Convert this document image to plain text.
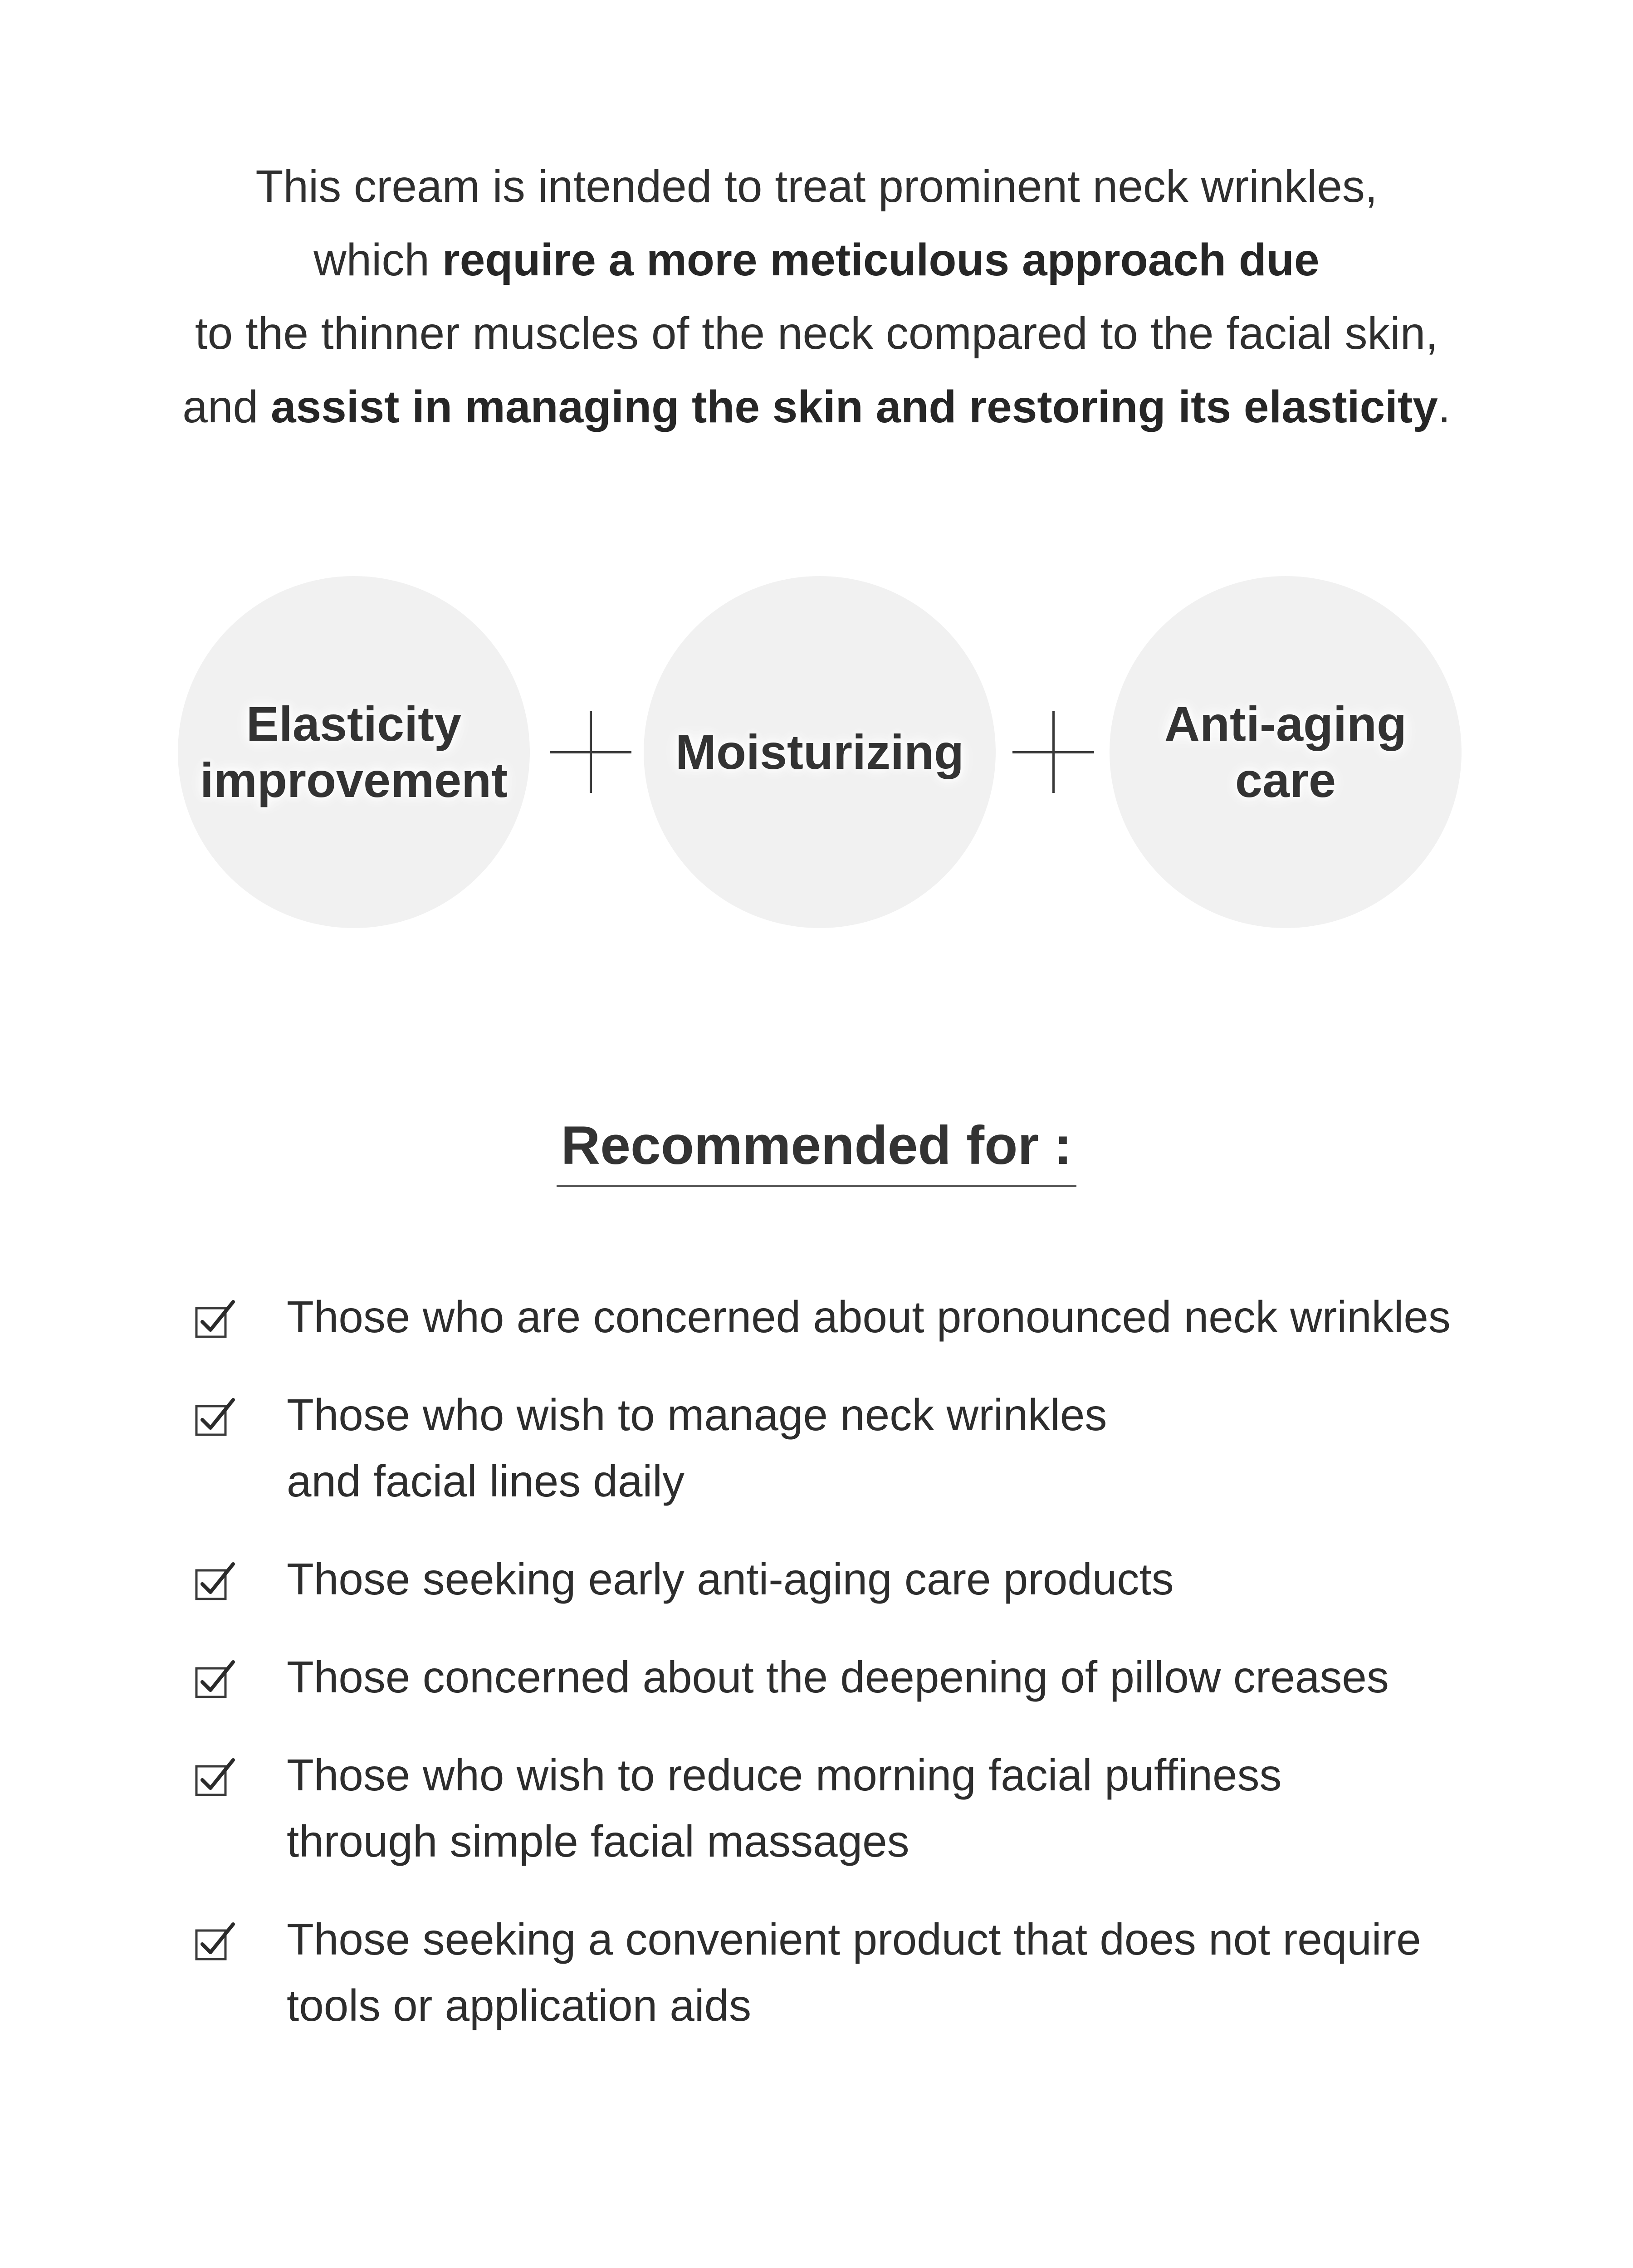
This cream is intended to treat prominent neck wrinkles,
which require a more meticulous approach due
to the thinner muscles of the neck compared to the facial skin,
and assist in managing the skin and restoring its elasticity.
Elasticity
improvement
Moisturizing
Anti-aging
care
Recommended for :
Those who are concerned about pronounced neck wrinkles
Those who wish to manage neck wrinkles
and facial lines daily
Those seeking early anti-aging care products
Those concerned about the deepening of pillow creases
Those who wish to reduce morning facial puffiness
through simple facial massages
Those seeking a convenient product that does not require
tools or application aids
